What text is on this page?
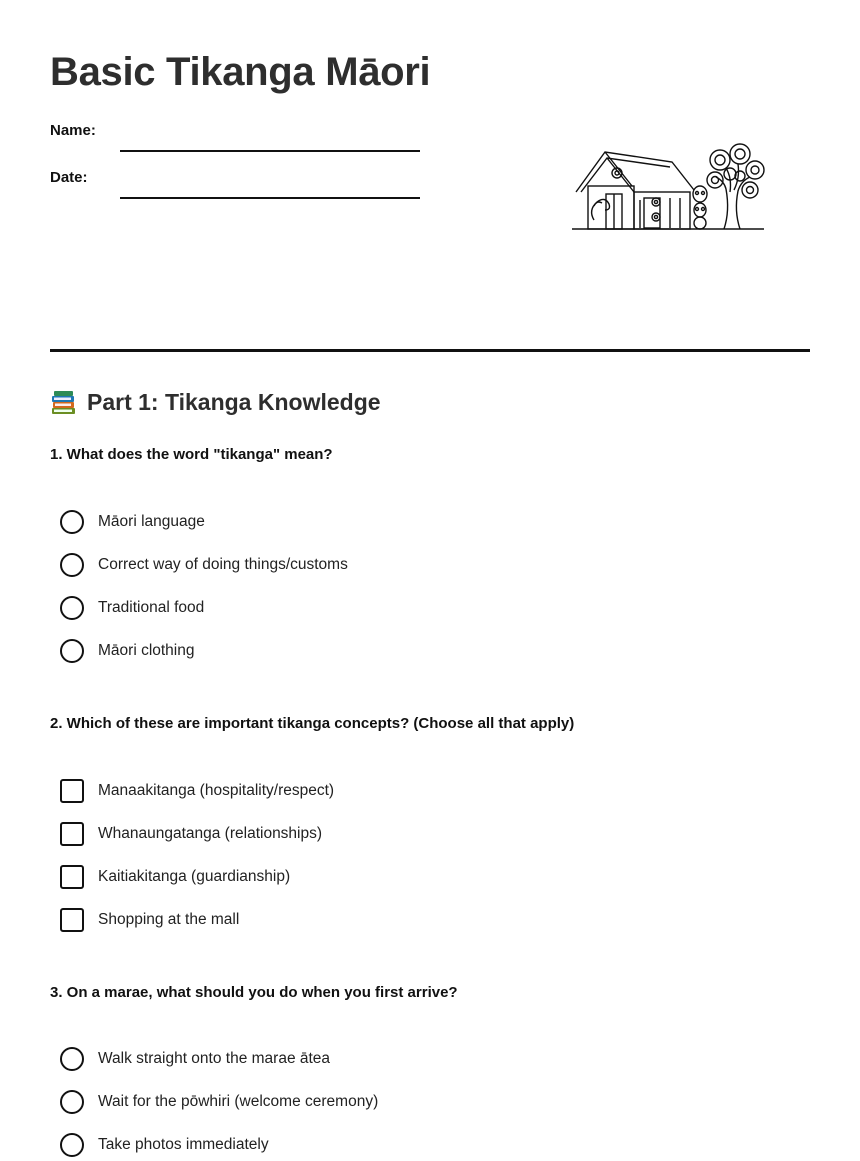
Basic Tikanga Māori
Name:
Date:
Part 1: Tikanga Knowledge
1. What does the word "tikanga" mean?
Māori language
Correct way of doing things/customs
Traditional food
Māori clothing
2. Which of these are important tikanga concepts? (Choose all that apply)
Manaakitanga (hospitality/respect)
Whanaungatanga (relationships)
Kaitiakitanga (guardianship)
Shopping at the mall
3. On a marae, what should you do when you first arrive?
Walk straight onto the marae ātea
Wait for the pōwhiri (welcome ceremony)
Take photos immediately
